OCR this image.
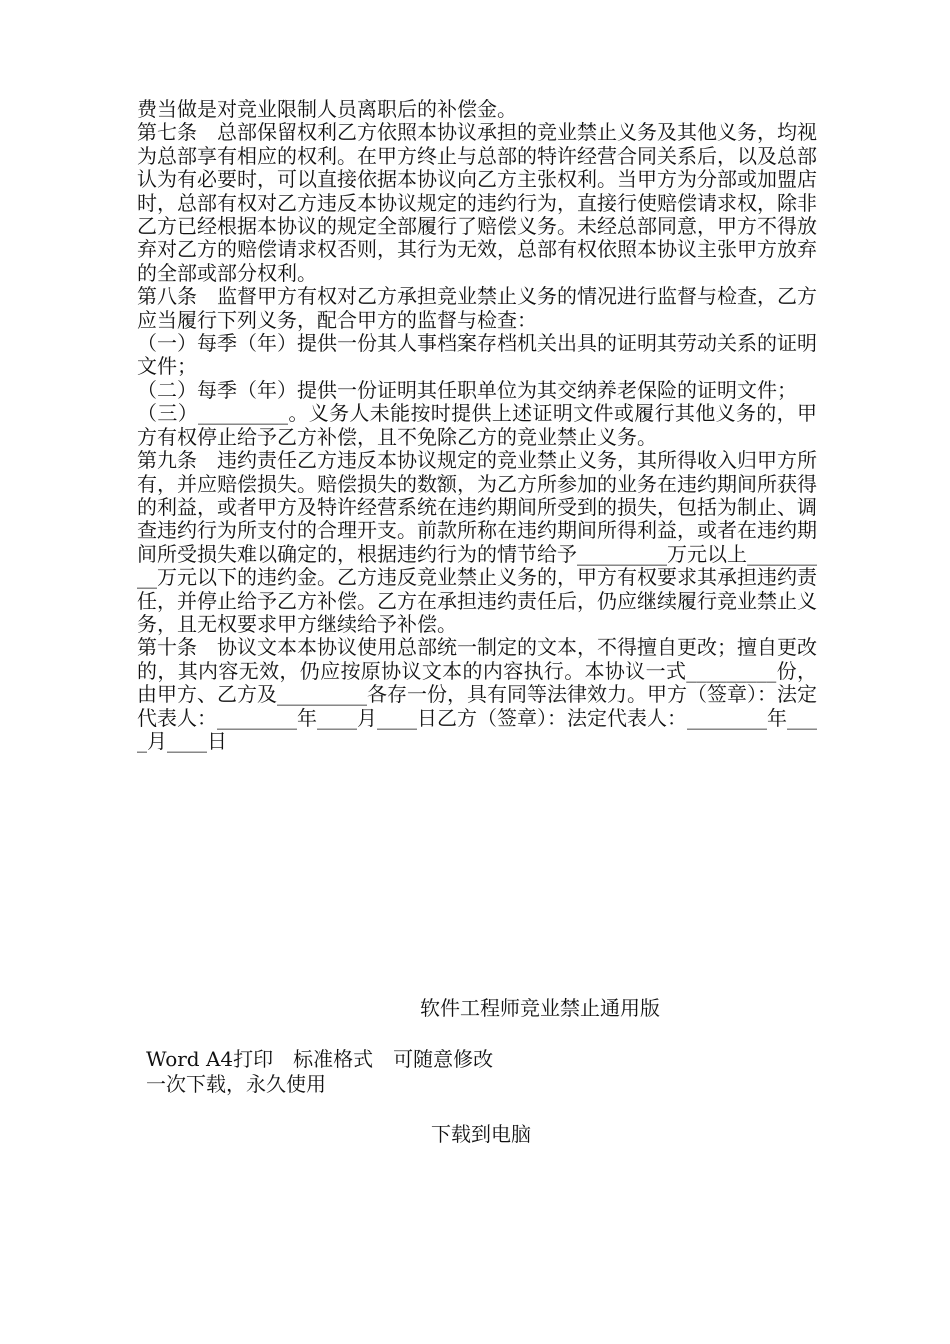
费当做是对竞业限制人员离职后的补偿金。

第七条　总部保留权利乙方依照本协议承担的竞业禁止义务及其他义务，均视为总部享有相应的权利。在甲方终止与总部的特许经营合同关系后，以及总部认为有必要时，可以直接依据本协议向乙方主张权利。当甲方为分部或加盟店时，总部有权对乙方违反本协议规定的违约行为，直接行使赔偿请求权，除非乙方已经根据本协议的规定全部履行了赔偿义务。未经总部同意，甲方不得放弃对乙方的赔偿请求权否则，其行为无效，总部有权依照本协议主张甲方放弃的全部或部分权利。

第八条　监督甲方有权对乙方承担竞业禁止义务的情况进行监督与检查，乙方应当履行下列义务，配合甲方的监督与检查：

（一）每季（年）提供一份其人事档案存档机关出具的证明其劳动关系的证明文件；

（二）每季（年）提供一份证明其任职单位为其交纳养老保险的证明文件；

（三）_________。义务人未能按时提供上述证明文件或履行其他义务的，甲方有权停止给予乙方补偿，且不免除乙方的竞业禁止义务。

第九条　违约责任乙方违反本协议规定的竞业禁止义务，其所得收入归甲方所有，并应赔偿损失。赔偿损失的数额，为乙方所参加的业务在违约期间所获得的利益，或者甲方及特许经营系统在违约期间所受到的损失，包括为制止、调查违约行为所支付的合理开支。前款所称在违约期间所得利益，或者在违约期间所受损失难以确定的，根据违约行为的情节给予_________万元以上_________万元以下的违约金。乙方违反竞业禁止义务的，甲方有权要求其承担违约责任，并停止给予乙方补偿。乙方在承担违约责任后，仍应继续履行竞业禁止义务，且无权要求甲方继续给予补偿。

第十条　协议文本本协议使用总部统一制定的文本，不得擅自更改；擅自更改的，其内容无效，仍应按原协议文本的内容执行。本协议一式_________份，由甲方、乙方及_________各存一份，具有同等法律效力。甲方（签章）：法定代表人：________年____月____日乙方（签章）：法定代表人：________年____月____日

软件工程师竞业禁止通用版
Word A4打印　标准格式　可随意修改
一次下载，永久使用
下载到电脑
